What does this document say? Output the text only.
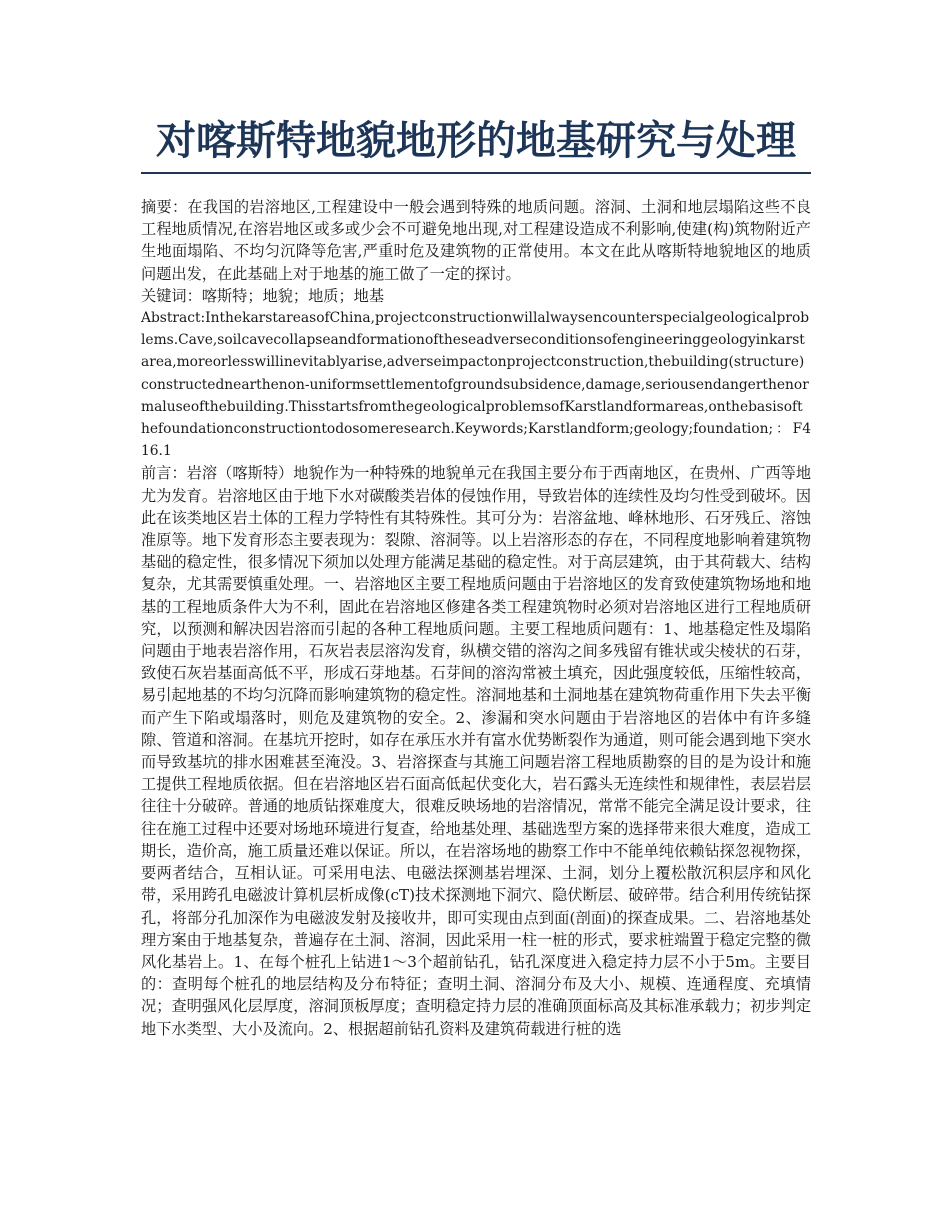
对喀斯特地貌地形的地基研究与处理

摘要：在我国的岩溶地区,工程建设中一般会遇到特殊的地质问题。溶洞、土洞和地层塌陷这些不良工程地质情况,在溶岩地区或多或少会不可避免地出现,对工程建设造成不利影响,使建(构)筑物附近产生地面塌陷、不均匀沉降等危害,严重时危及建筑物的正常使用。本文在此从喀斯特地貌地区的地质问题出发，在此基础上对于地基的施工做了一定的探讨。

关键词：喀斯特；地貌；地质；地基

Abstract:InthekarstareasofChina,projectconstructionwillalwaysencounterspecialgeologicalproblems.Cave,soilcavecollapseandformationoftheseadverseconditionsofengineeringgeologyinkarstarea,moreorlesswillinevitablyarise,adverseimpactonprojectconstruction,thebuilding(structure)constructednearthenon-uniformsettlementofgroundsubsidence,damage,seriousendangerthenormaluseofthebuilding.ThisstartsfromthegeologicalproblemsofKarstlandformareas,onthebasisofthefoundationconstructiontodosomeresearch.Keywords;Karstlandform;geology;foundation;：F416.1

前言：岩溶（喀斯特）地貌作为一种特殊的地貌单元在我国主要分布于西南地区，在贵州、广西等地尤为发育。岩溶地区由于地下水对碳酸类岩体的侵蚀作用，导致岩体的连续性及均匀性受到破坏。因此在该类地区岩土体的工程力学特性有其特殊性。其可分为：岩溶盆地、峰林地形、石牙残丘、溶蚀准原等。地下发育形态主要表现为：裂隙、溶洞等。以上岩溶形态的存在，不同程度地影响着建筑物基础的稳定性，很多情况下须加以处理方能满足基础的稳定性。对于高层建筑，由于其荷载大、结构复杂，尤其需要慎重处理。一、岩溶地区主要工程地质问题由于岩溶地区的发育致使建筑物场地和地基的工程地质条件大为不利，固此在岩溶地区修建各类工程建筑物时必须对岩溶地区进行工程地质研究，以预测和解决因岩溶而引起的各种工程地质问题。主要工程地质问题有：1、地基稳定性及塌陷问题由于地表岩溶作用，石灰岩表层溶沟发育，纵横交错的溶沟之间多残留有锥状或尖棱状的石芽，致使石灰岩基面高低不平，形成石芽地基。石芽间的溶沟常被土填充，因此强度较低，压缩性较高，易引起地基的不均匀沉降而影响建筑物的稳定性。溶洞地基和土洞地基在建筑物荷重作用下失去平衡而产生下陷或塌落时，则危及建筑物的安全。2、渗漏和突水问题由于岩溶地区的岩体中有许多缝隙、管道和溶洞。在基坑开挖时，如存在承压水并有富水优势断裂作为通道，则可能会遇到地下突水而导致基坑的排水困难甚至淹没。3、岩溶探查与其施工问题岩溶工程地质勘察的目的是为设计和施工提供工程地质依据。但在岩溶地区岩石面高低起伏变化大，岩石露头无连续性和规律性，表层岩层往往十分破碎。普通的地质钻探难度大，很难反映场地的岩溶情况，常常不能完全满足设计要求，往往在施工过程中还要对场地环境进行复查，给地基处理、基础选型方案的选择带来很大难度，造成工期长，造价高，施工质量还难以保证。所以，在岩溶场地的勘察工作中不能单纯依赖钻探忽视物探，要两者结合，互相认证。可采用电法、电磁法探测基岩埋深、土洞，划分上覆松散沉积层序和风化带，采用跨孔电磁波计算机层析成像(cT)技术探测地下洞穴、隐伏断层、破碎带。结合利用传统钻探孔，将部分孔加深作为电磁波发射及接收井，即可实现由点到面(剖面)的探查成果。二、岩溶地基处理方案由于地基复杂，普遍存在土洞、溶洞，因此采用一柱一桩的形式，要求桩端置于稳定完整的微风化基岩上。1、在每个桩孔上钻进1～3个超前钻孔，钻孔深度进入稳定持力层不小于5m。主要目的：查明每个桩孔的地层结构及分布特征；查明土洞、溶洞分布及大小、规模、连通程度、充填情况；查明强风化层厚度，溶洞顶板厚度；查明稳定持力层的准确顶面标高及其标准承载力；初步判定地下水类型、大小及流向。2、根据超前钻孔资料及建筑荷载进行桩的选
